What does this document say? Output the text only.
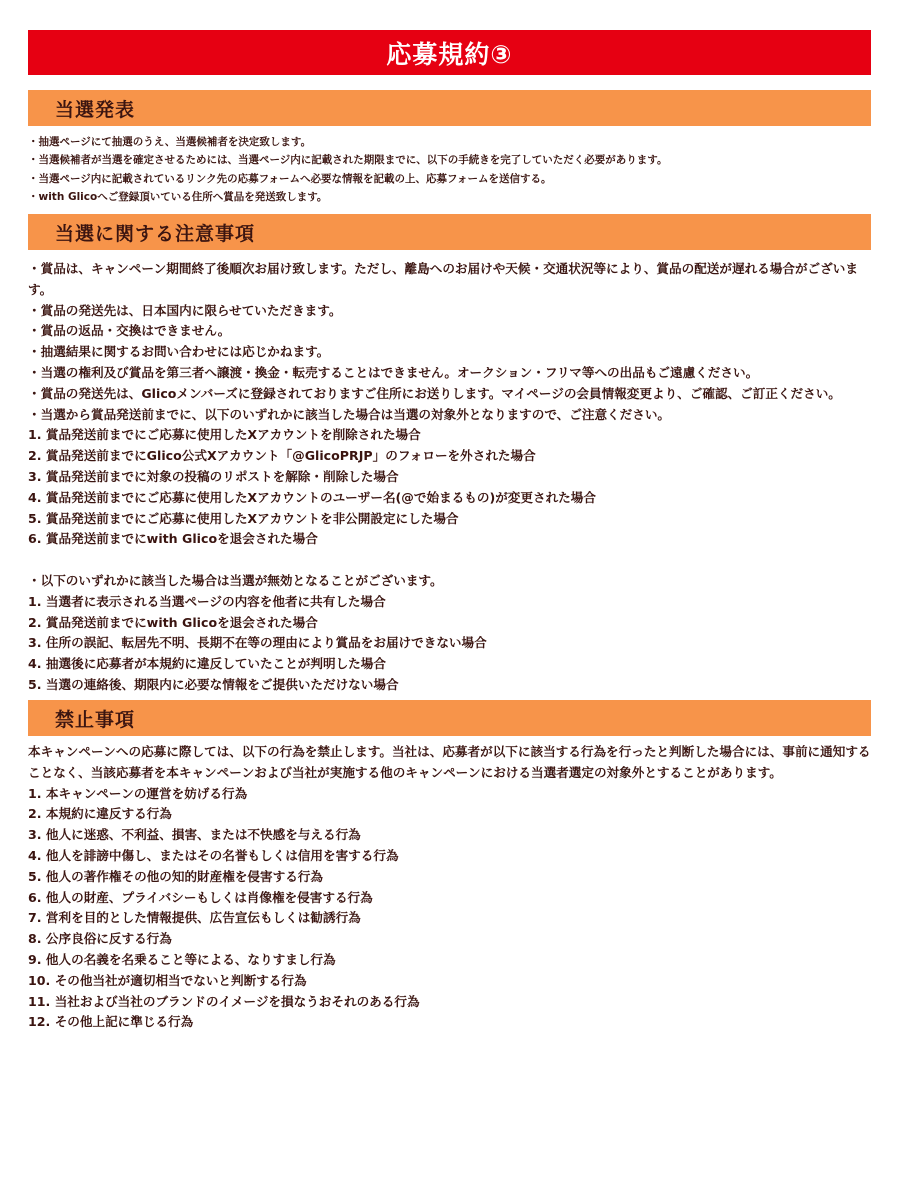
応募規約③
当選発表
・抽選ページにて抽選のうえ、当選候補者を決定致します。
・当選候補者が当選を確定させるためには、当選ページ内に記載された期限までに、以下の手続きを完了していただく必要があります。
・当選ページ内に記載されているリンク先の応募フォームへ必要な情報を記載の上、応募フォームを送信する。
・with Glicoへご登録頂いている住所へ賞品を発送致します。
当選に関する注意事項
・賞品は、キャンペーン期間終了後順次お届け致します。ただし、離島へのお届けや天候・交通状況等により、賞品の配送が遅れる場合がございます。
・賞品の発送先は、日本国内に限らせていただきます。
・賞品の返品・交換はできません。
・抽選結果に関するお問い合わせには応じかねます。
・当選の権利及び賞品を第三者へ譲渡・換金・転売することはできません。オークション・フリマ等への出品もご遠慮ください。
・賞品の発送先は、Glicoメンバーズに登録されておりますご住所にお送りします。マイページの会員情報変更より、ご確認、ご訂正ください。
・当選から賞品発送前までに、以下のいずれかに該当した場合は当選の対象外となりますので、ご注意ください。
1. 賞品発送前までにご応募に使用したXアカウントを削除された場合
2. 賞品発送前までにGlico公式Xアカウント「@GlicoPRJP」のフォローを外された場合
3. 賞品発送前までに対象の投稿のリポストを解除・削除した場合
4. 賞品発送前までにご応募に使用したXアカウントのユーザー名(@で始まるもの)が変更された場合
5. 賞品発送前までにご応募に使用したXアカウントを非公開設定にした場合
6. 賞品発送前までにwith Glicoを退会された場合
・以下のいずれかに該当した場合は当選が無効となることがございます。
1. 当選者に表示される当選ページの内容を他者に共有した場合
2. 賞品発送前までにwith Glicoを退会された場合
3. 住所の誤記、転居先不明、長期不在等の理由により賞品をお届けできない場合
4. 抽選後に応募者が本規約に違反していたことが判明した場合
5. 当選の連絡後、期限内に必要な情報をご提供いただけない場合
禁止事項
本キャンペーンへの応募に際しては、以下の行為を禁止します。当社は、応募者が以下に該当する行為を行ったと判断した場合には、事前に通知することなく、当該応募者を本キャンペーンおよび当社が実施する他のキャンペーンにおける当選者選定の対象外とすることがあります。
1. 本キャンペーンの運営を妨げる行為
2. 本規約に違反する行為
3. 他人に迷惑、不利益、損害、または不快感を与える行為
4. 他人を誹謗中傷し、またはその名誉もしくは信用を害する行為
5. 他人の著作権その他の知的財産権を侵害する行為
6. 他人の財産、プライバシーもしくは肖像権を侵害する行為
7. 営利を目的とした情報提供、広告宣伝もしくは勧誘行為
8. 公序良俗に反する行為
9. 他人の名義を名乗ること等による、なりすまし行為
10. その他当社が適切相当でないと判断する行為
11. 当社および当社のブランドのイメージを損なうおそれのある行為
12. その他上記に準じる行為
